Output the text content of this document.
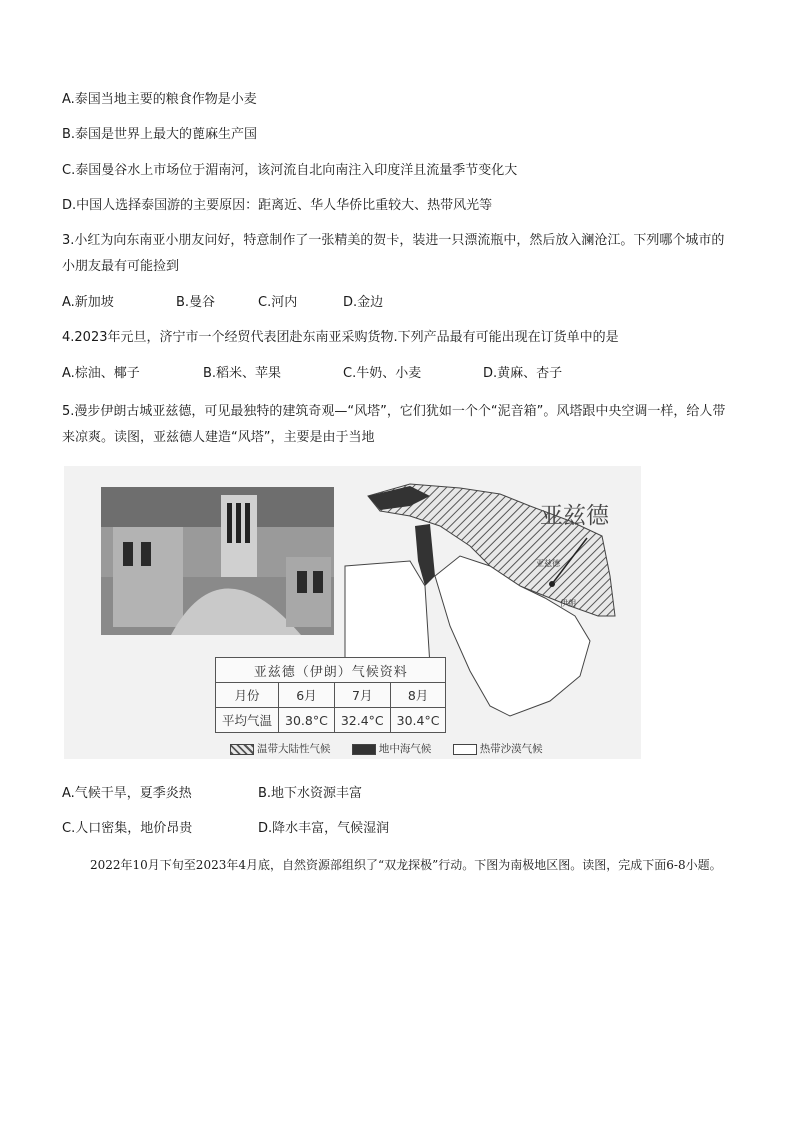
A.泰国当地主要的粮食作物是小麦
B.泰国是世界上最大的蓖麻生产国
C.泰国曼谷水上市场位于湄南河，该河流自北向南注入印度洋且流量季节变化大
D.中国人选择泰国游的主要原因：距离近、华人华侨比重较大、热带风光等
3.小红为向东南亚小朋友问好，特意制作了一张精美的贺卡，装进一只漂流瓶中，然后放入澜沧江。下列哪个城市的小朋友最有可能捡到
A.新加坡	B.曼谷	C.河内	D.金边
4.2023年元旦，济宁市一个经贸代表团赴东南亚采购货物.下列产品最有可能出现在订货单中的是
A.棕油、椰子	B.稻米、苹果	C.牛奶、小麦	D.黄麻、杏子
5.漫步伊朗古城亚兹德，可见最独特的建筑奇观—“风塔”，它们犹如一个个“泥音箱”。风塔跟中央空调一样，给人带来凉爽。读图，亚兹德人建造“风塔”，主要是由于当地
亚兹德
伊朗
亚兹德
亚兹德（伊朗）气候资料			
月份	6月	7月	8月
平均气温	30.8°C	32.4°C	30.4°C
温带大陆性气候	地中海气候	热带沙漠气候
A.气候干旱，夏季炎热	B.地下水资源丰富
C.人口密集，地价昂贵	D.降水丰富，气候湿润
2022年10月下旬至2023年4月底，自然资源部组织了“双龙探极”行动。下图为南极地区图。读图，完成下面6-8小题。
